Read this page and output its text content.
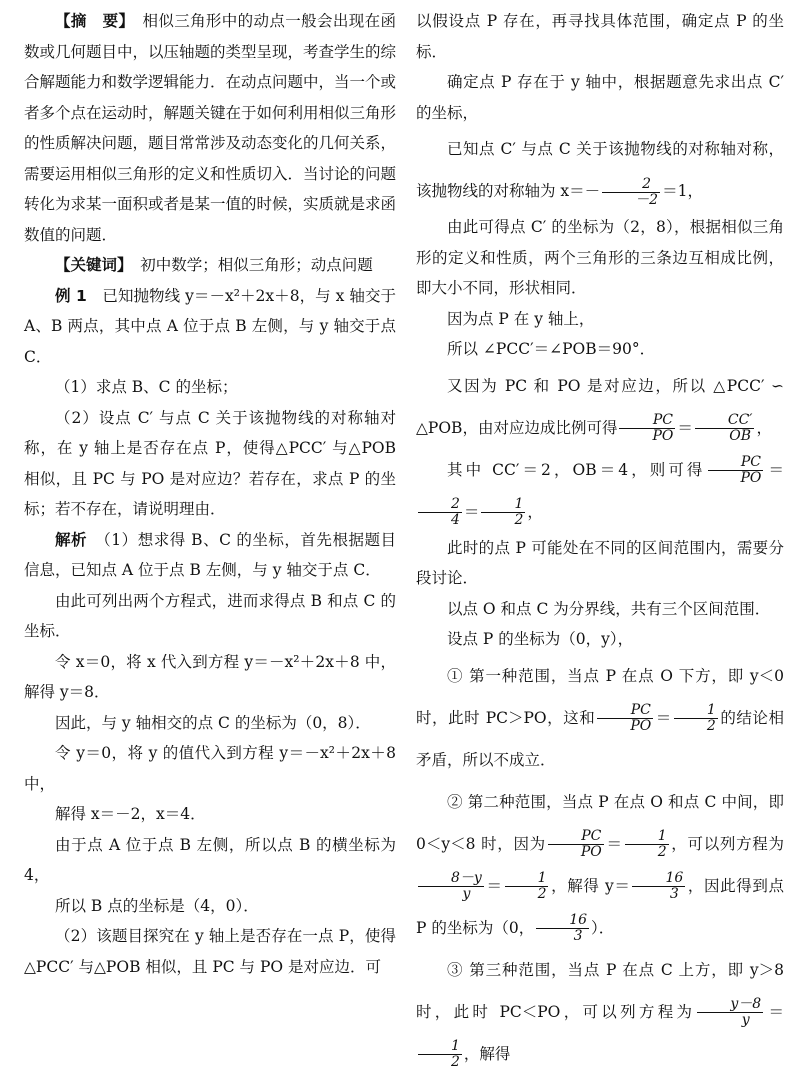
【摘　要】　 相似三角形中的动点一般会出现在函数或几何题目中，以压轴题的类型呈现，考查学生的综合解题能力和数学逻辑能力．在动点问题中，当一个或者多个点在运动时，解题关键在于如何利用相似三角形的性质解决问题，题目常常涉及动态变化的几何关系，需要运用相似三角形的定义和性质切入．当讨论的问题转化为求某一面积或者是某一值的时候，实质就是求函数值的问题．
【关键词】　 初中数学；相似三角形；动点问题
例 1　 已知抛物线 y＝－x²＋2x＋8，与 x 轴交于 A、B 两点，其中点 A 位于点 B 左侧，与 y 轴交于点 C．
（1）求点 B、C 的坐标；
（2）设点 C′ 与点 C 关于该抛物线的对称轴对称，在 y 轴上是否存在点 P，使得△PCC′ 与△POB 相似，且 PC 与 PO 是对应边？若存在，求点 P 的坐标；若不存在，请说明理由．
解析　 （1）想求得 B、C 的坐标，首先根据题目信息，已知点 A 位于点 B 左侧，与 y 轴交于点 C．
由此可列出两个方程式，进而求得点 B 和点 C 的坐标．
令 x＝0，将 x 代入到方程 y＝－x²＋2x＋8 中，解得 y＝8．
因此，与 y 轴相交的点 C 的坐标为（0，8）．
令 y＝0，将 y 的值代入到方程 y＝－x²＋2x＋8 中，
解得 x＝－2，x＝4．
由于点 A 位于点 B 左侧，所以点 B 的横坐标为 4，
所以 B 点的坐标是（4，0）．
（2）该题目探究在 y 轴上是否存在一点 P，使得△PCC′ 与△POB 相似，且 PC 与 PO 是对应边．可
以假设点 P 存在，再寻找具体范围，确定点 P 的坐标．
确定点 P 存在于 y 轴中，根据题意先求出点 C′ 的坐标，
已知点 C′ 与点 C 关于该抛物线的对称轴对称，该抛物线的对称轴为 $x=- \frac{2}{-2} =1$，
由此可得点 C′ 的坐标为（2，8），根据相似三角形的定义和性质，两个三角形的三条边互相成比例，即大小不同，形状相同．
因为点 P 在 y 轴上，
所以 ∠PCC′＝∠POB＝90°．
又因为 PC 和 PO 是对应边，所以 △PCC′ ∽ △POB，由对应边成比例可得 $\frac{PC}{PO} = \frac{CC'}{OB}$ ，
其中 CC′＝2，OB＝4，则可得 $\frac{PC}{PO}$ ＝
$\frac{2}{4} = \frac{1}{2}$ ，
此时的点 P 可能处在不同的区间范围内，需要分段讨论．
以点 O 和点 C 为分界线，共有三个区间范围．
设点 P 的坐标为（0，y），
① 第一种范围，当点 P 在点 O 下方，即 y＜0 时，此时 PC＞PO，这和 $\frac{PC}{PO} = \frac{1}{2}$ 的结论相矛盾，所以不成立．
② 第二种范围，当点 P 在点 O 和点 C 中间，即 0＜y＜8 时，因为 $\frac{PC}{PO} = \frac{1}{2}$ ，可以列方程为
$\frac{8-y}{y} = \frac{1}{2}$ ，解得 $y= \frac{16}{3}$ ，因此得到点 P 的坐标为（0， $\frac{16}{3}$ ）．
③ 第三种范围，当点 P 在点 C 上方，即 y＞8 时，此时 PC＜PO，可以列方程为 $\frac{y-8}{y}$ ＝
$\frac{1}{2}$ ，解得
